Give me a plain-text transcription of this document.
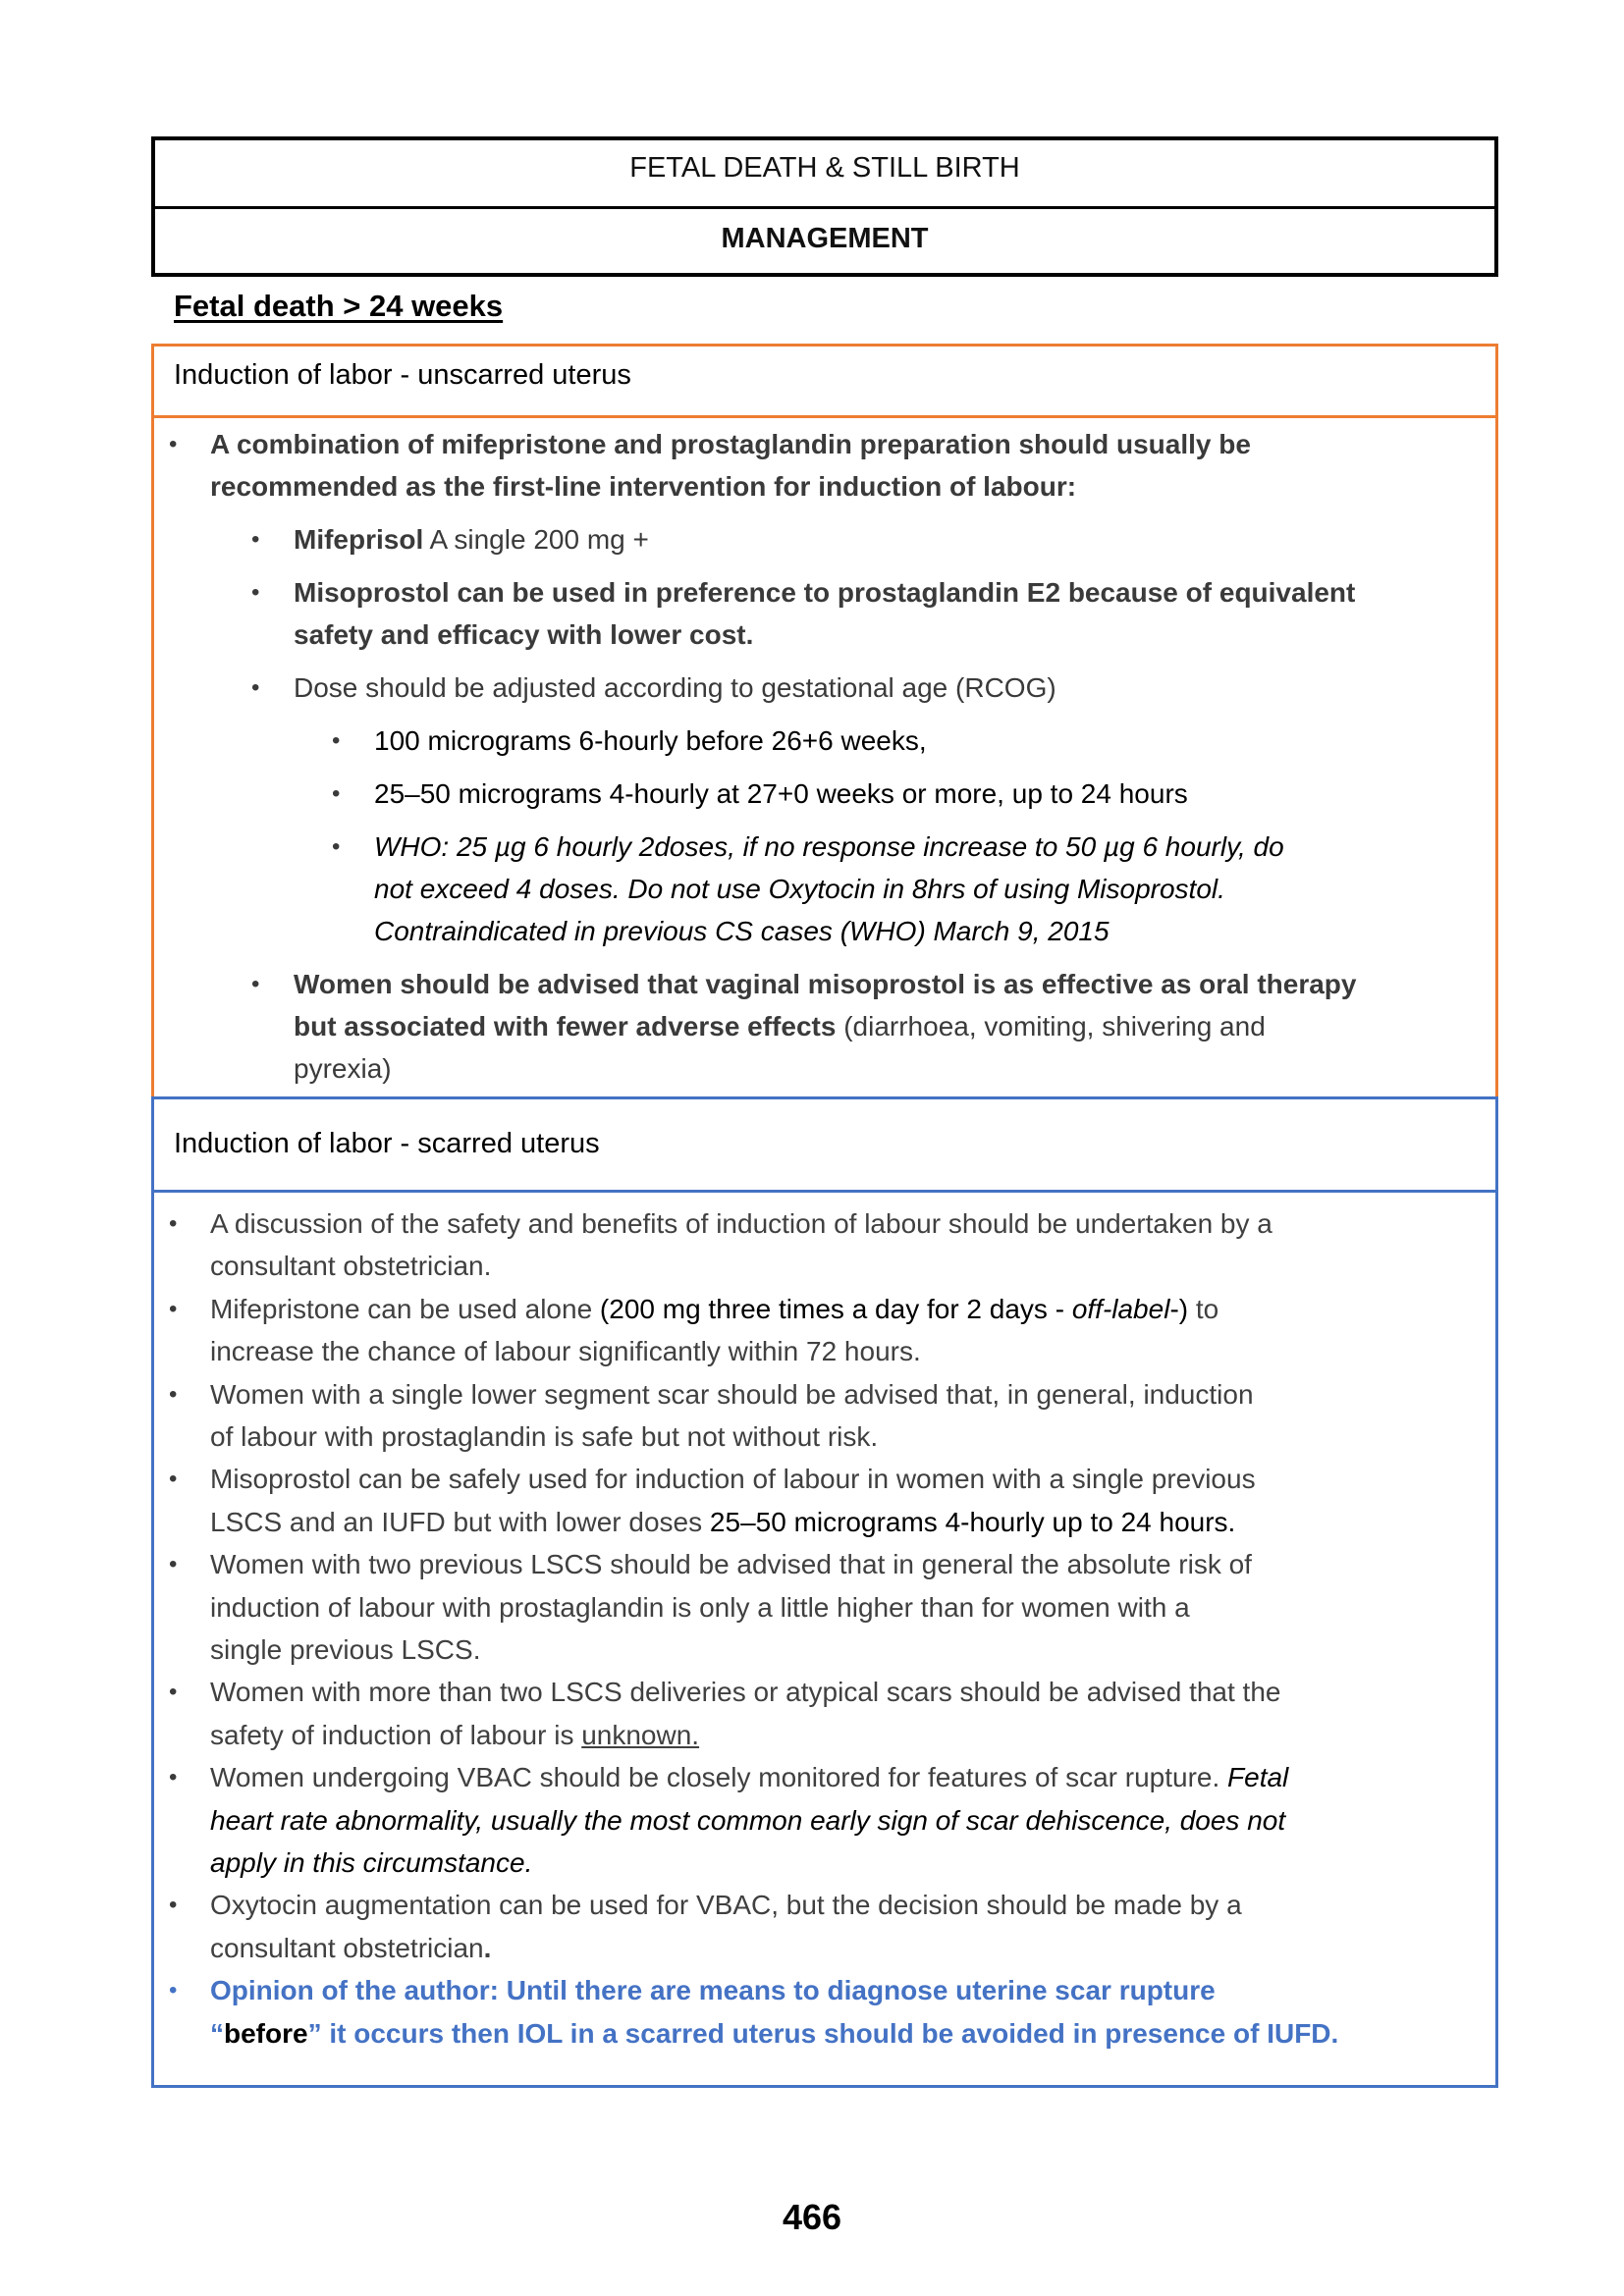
FETAL DEATH & STILL BIRTH
MANAGEMENT
Fetal death > 24 weeks
Induction of labor - unscarred uterus
Induction of labor - scarred uterus
• A combination of mifepristone and prostaglandin preparation should usually be
recommended as the first-line intervention for induction of labour:
• Mifeprisol A single 200 mg +
• Misoprostol can be used in preference to prostaglandin E2 because of equivalent
safety and efficacy with lower cost.
• Dose should be adjusted according to gestational age (RCOG)
• 100 micrograms 6-hourly before 26+6 weeks,
• 25–50 micrograms 4-hourly at 27+0 weeks or more, up to 24 hours
• WHO: 25 µg 6 hourly 2doses, if no response increase to 50 µg 6 hourly, do
not exceed 4 doses. Do not use Oxytocin in 8hrs of using Misoprostol.
Contraindicated in previous CS cases (WHO) March 9, 2015
• Women should be advised that vaginal misoprostol is as effective as oral therapy
but associated with fewer adverse effects (diarrhoea, vomiting, shivering and
pyrexia)
• A discussion of the safety and benefits of induction of labour should be undertaken by a
consultant obstetrician.
• Mifepristone can be used alone (200 mg three times a day for 2 days - off-label-) to
increase the chance of labour significantly within 72 hours.
• Women with a single lower segment scar should be advised that, in general, induction
of labour with prostaglandin is safe but not without risk.
• Misoprostol can be safely used for induction of labour in women with a single previous
LSCS and an IUFD but with lower doses 25–50 micrograms 4-hourly up to 24 hours.
• Women with two previous LSCS should be advised that in general the absolute risk of
induction of labour with prostaglandin is only a little higher than for women with a
single previous LSCS.
• Women with more than two LSCS deliveries or atypical scars should be advised that the
safety of induction of labour is unknown.
• Women undergoing VBAC should be closely monitored for features of scar rupture. Fetal
heart rate abnormality, usually the most common early sign of scar dehiscence, does not
apply in this circumstance.
• Oxytocin augmentation can be used for VBAC, but the decision should be made by a
consultant obstetrician.
• Opinion of the author: Until there are means to diagnose uterine scar rupture
“before” it occurs then IOL in a scarred uterus should be avoided in presence of IUFD.
466
